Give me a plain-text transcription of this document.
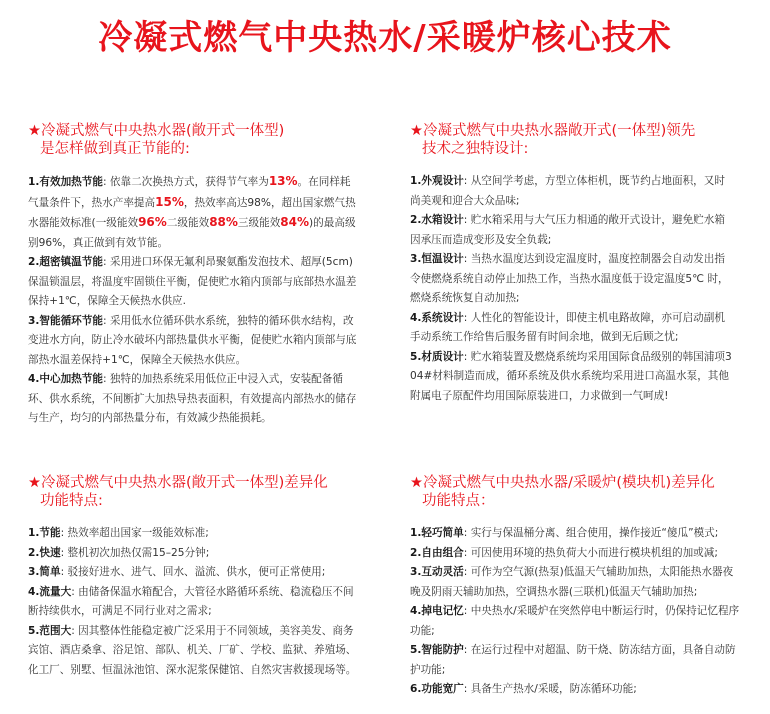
冷凝式燃气中央热水/采暖炉核心技术
★冷凝式燃气中央热水器(敞开式一体型)
是怎样做到真正节能的:

1.有效加热节能: 依靠二次换热方式，获得节气率为13%。在同样耗气量条件下，热水产率提高15%，热效率高达98%，超出国家燃气热水器能效标准(一级能效96%二级能效88%三级能效84%)的最高级别96%，真正做到有效节能。

2.超密镇温节能: 采用进口环保无氟利昂聚氨酯发泡技术、超厚(5cm)保温锁温层，将温度牢固锁住平衡，促使贮水箱内顶部与底部热水温差保持+1℃，保障全天候热水供应.

3.智能循环节能: 采用低水位循环供水系统，独特的循环供水结构，改变进水方向，防止冷水破坏内部热量供水平衡，促使贮水箱内顶部与底部热水温差保持+1℃，保障全天候热水供应。

4.中心加热节能: 独特的加热系统采用低位正中浸入式，安装配备循环、供水系统，不间断扩大加热导热表面积，有效提高内部热水的储存与生产，均匀的内部热量分布，有效减少热能损耗。

★冷凝式燃气中央热水器敞开式(一体型)领先
技术之独特设计:

1.外观设计: 从空间学考虑，方型立体柜机，既节约占地面积，又时尚美观和迎合大众品味;

2.水箱设计: 贮水箱采用与大气压力相通的敞开式设计，避免贮水箱因承压而造成变形及安全负载;

3.恒温设计: 当热水温度达到设定温度时，温度控制器会自动发出指令使燃烧系统自动停止加热工作，当热水温度低于设定温度5℃ 时，燃烧系统恢复自动加热;

4.系统设计: 人性化的智能设计，即使主机电路故障，亦可启动副机手动系统工作给售后服务留有时间余地，做到无后顾之忧;

5.材质设计: 贮水箱装置及燃烧系统均采用国际食品级别的韩国浦项304#材料制造而成，循环系统及供水系统均采用进口高温水泵，其他附属电子原配件均用国际原装进口，力求做到一气呵成!

★冷凝式燃气中央热水器(敞开式一体型)差异化
功能特点:

1.节能: 热效率超出国家一级能效标准;

2.快速: 整机初次加热仅需15–25分钟;

3.简单: 驳接好进水、进气、回水、溢流、供水，便可正常使用;

4.流量大: 由储备保温水箱配合，大管径水路循环系统、稳流稳压不间断持续供水，可满足不同行业对之需求;

5.范围大: 因其整体性能稳定被广泛采用于不同领域，美容美发、商务宾馆、酒店桑拿、浴足馆、部队、机关、厂矿、学校、监狱、养殖场、化工厂、别墅、恒温泳池馆、深水泥浆保健馆、自然灾害救援现场等。

★冷凝式燃气中央热水器/采暖炉(模块机)差异化
功能特点：

1.轻巧简单: 实行与保温桶分离、组合使用，操作接近“傻瓜”模式;

2.自由组合: 可因使用环境的热负荷大小而进行模块机组的加或减;

3.互动灵活: 可作为空气源(热泵)低温天气辅助加热，太阳能热水器夜晚及阴雨天辅助加热，空调热水器(三联机)低温天气辅助加热;

4.掉电记忆: 中央热水/采暖炉在突然停电中断运行时，仍保持记忆程序功能;

5.智能防护: 在运行过程中对超温、防干烧、防冻结方面，具备自动防护功能;

6.功能宽广: 具备生产热水/采暖，防冻循环功能;
